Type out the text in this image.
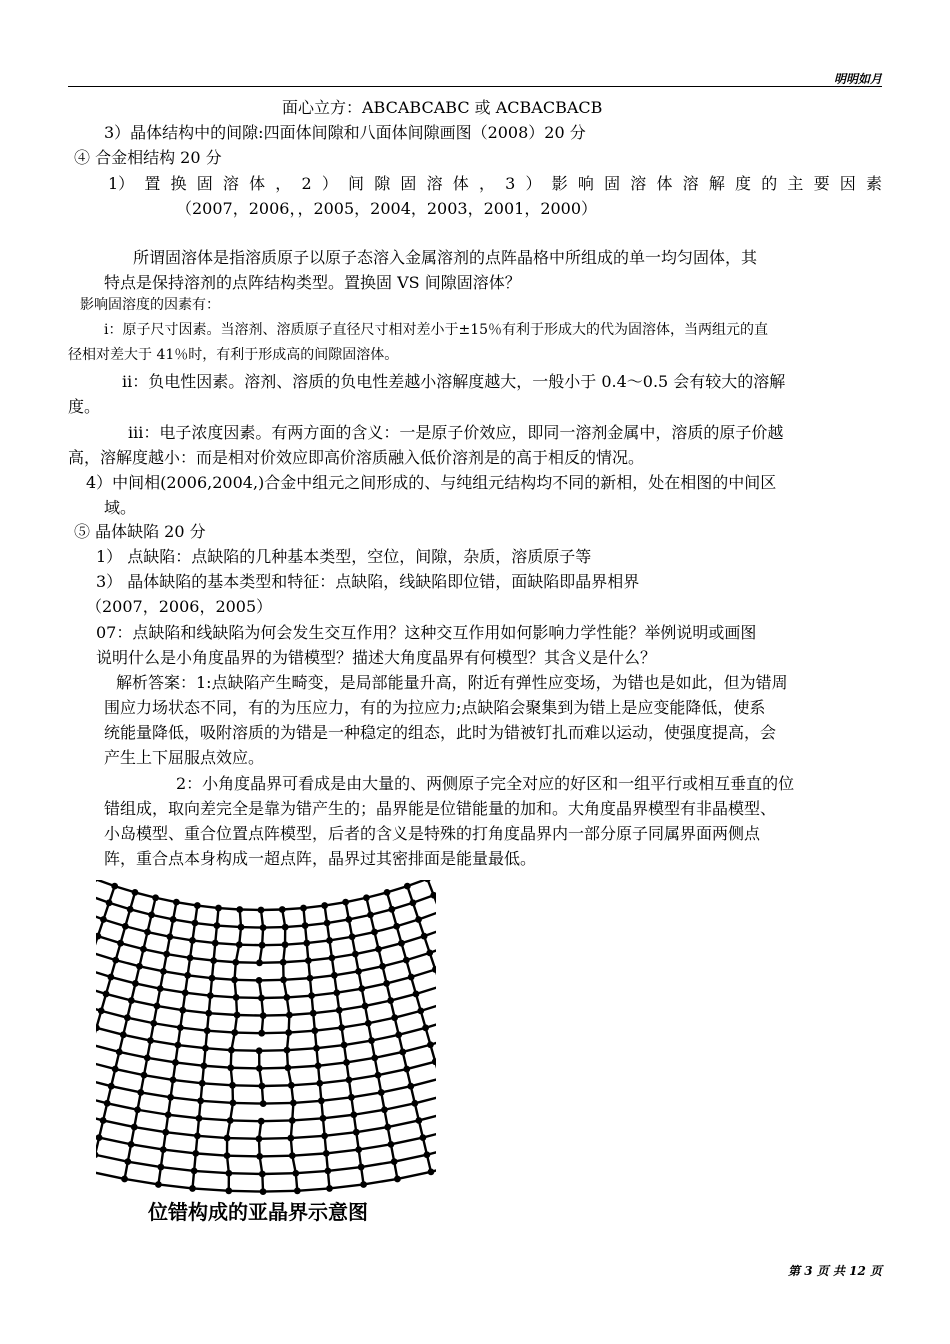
明明如月
面心立方：ABCABCABC 或 ACBACBACB
3）晶体结构中的间隙:四面体间隙和八面体间隙画图（2008）20 分
④ 合金相结构 20 分
1） 置 换 固 溶 体 ， 2 ） 间 隙 固 溶 体 ， 3 ） 影 响 固 溶 体 溶 解 度 的 主 要 因 素
（2007，2006，，2005，2004，2003，2001，2000）
所谓固溶体是指溶质原子以原子态溶入金属溶剂的点阵晶格中所组成的单一均匀固体，其
特点是保持溶剂的点阵结构类型。置换固 VS 间隙固溶体？
影响固溶度的因素有：
ⅰ：原子尺寸因素。当溶剂、溶质原子直径尺寸相对差小于±15％有利于形成大的代为固溶体，当两组元的直
径相对差大于 41％时，有利于形成高的间隙固溶体。
ⅱ：负电性因素。溶剂、溶质的负电性差越小溶解度越大，一般小于 0.4～0.5 会有较大的溶解
度。
ⅲ：电子浓度因素。有两方面的含义：一是原子价效应，即同一溶剂金属中，溶质的原子价越
高，溶解度越小：而是相对价效应即高价溶质融入低价溶剂是的高于相反的情况。
4）中间相(2006,2004,)合金中组元之间形成的、与纯组元结构均不同的新相，处在相图的中间区
域。
⑤ 晶体缺陷 20 分
1） 点缺陷：点缺陷的几种基本类型，空位，间隙，杂质，溶质原子等
3） 晶体缺陷的基本类型和特征：点缺陷，线缺陷即位错，面缺陷即晶界相界
（2007，2006，2005）
07：点缺陷和线缺陷为何会发生交互作用？这种交互作用如何影响力学性能？举例说明或画图
说明什么是小角度晶界的为错模型？描述大角度晶界有何模型？其含义是什么？
解析答案：1:点缺陷产生畸变，是局部能量升高，附近有弹性应变场，为错也是如此，但为错周
围应力场状态不同，有的为压应力，有的为拉应力;点缺陷会聚集到为错上是应变能降低，使系
统能量降低，吸附溶质的为错是一种稳定的组态，此时为错被钉扎而难以运动，使强度提高，会
产生上下屈服点效应。
2：小角度晶界可看成是由大量的、两侧原子完全对应的好区和一组平行或相互垂直的位
错组成，取向差完全是靠为错产生的；晶界能是位错能量的加和。大角度晶界模型有非晶模型、
小岛模型、重合位置点阵模型，后者的含义是特殊的打角度晶界内一部分原子同属界面两侧点
阵，重合点本身构成一超点阵，晶界过其密排面是能量最低。
位错构成的亚晶界示意图
第 3 页 共 12 页
